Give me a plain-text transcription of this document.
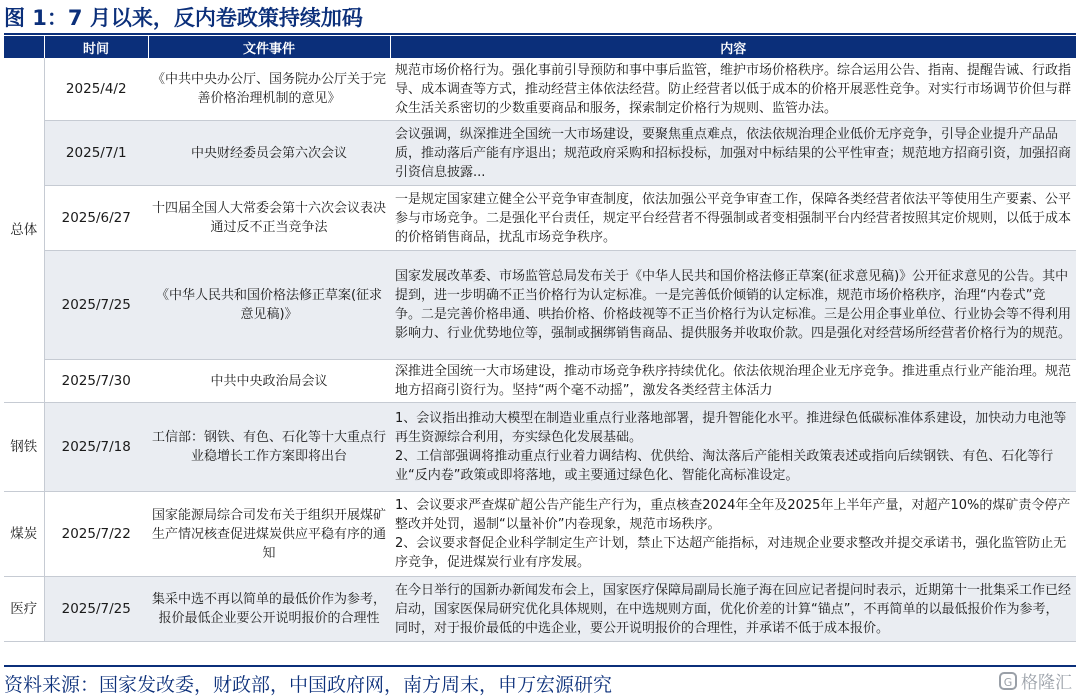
图 1：7 月以来，反内卷政策持续加码
	时间	文件事件	内容
总体	2025/4/2	《中共中央办公厅、国务院办公厅关于完善价格治理机制的意见》	规范市场价格行为。强化事前引导预防和事中事后监管，维护市场价格秩序。综合运用公告、指南、提醒告诫、行政指导、成本调查等方式，推动经营主体依法经营。防止经营者以低于成本的价格开展恶性竞争。对实行市场调节价但与群众生活关系密切的少数重要商品和服务，探索制定价格行为规则、监管办法。
	2025/7/1	中央财经委员会第六次会议	会议强调，纵深推进全国统一大市场建设，要聚焦重点难点，依法依规治理企业低价无序竞争，引导企业提升产品品质，推动落后产能有序退出；规范政府采购和招标投标，加强对中标结果的公平性审查；规范地方招商引资，加强招商引资信息披露...
	2025/6/27	十四届全国人大常委会第十六次会议表决通过反不正当竞争法	一是规定国家建立健全公平竞争审查制度，依法加强公平竞争审查工作，保障各类经营者依法平等使用生产要素、公平参与市场竞争。二是强化平台责任，规定平台经营者不得强制或者变相强制平台内经营者按照其定价规则，以低于成本的价格销售商品，扰乱市场竞争秩序。
	2025/7/25	《中华人民共和国价格法修正草案(征求意见稿)》	国家发展改革委、市场监管总局发布关于《中华人民共和国价格法修正草案(征求意见稿)》公开征求意见的公告。其中提到，进一步明确不正当价格行为认定标准。一是完善低价倾销的认定标准，规范市场价格秩序，治理“内卷式”竞争。二是完善价格串通、哄抬价格、价格歧视等不正当价格行为认定标准。三是公用企事业单位、行业协会等不得利用影响力、行业优势地位等，强制或捆绑销售商品、提供服务并收取价款。四是强化对经营场所经营者价格行为的规范。
	2025/7/30	中共中央政治局会议	深推进全国统一大市场建设，推动市场竞争秩序持续优化。依法依规治理企业无序竞争。推进重点行业产能治理。规范地方招商引资行为。坚持“两个毫不动摇”，激发各类经营主体活力
钢铁	2025/7/18	工信部：钢铁、有色、石化等十大重点行业稳增长工作方案即将出台	1、会议指出推动大模型在制造业重点行业落地部署，提升智能化水平。推进绿色低碳标准体系建设，加快动力电池等再生资源综合利用，夯实绿色化发展基础。
2、工信部强调将推动重点行业着力调结构、优供给、淘汰落后产能相关政策表述或指向后续钢铁、有色、石化等行业“反内卷”政策或即将落地，或主要通过绿色化、智能化高标准设定。

煤炭	2025/7/22	国家能源局综合司发布关于组织开展煤矿生产情况核查促进煤炭供应平稳有序的通知	1、会议要求严查煤矿超公告产能生产行为，重点核查2024年全年及2025年上半年产量，对超产10%的煤矿责令停产整改并处罚，遏制“以量补价”内卷现象，规范市场秩序。
2、会议要求督促企业科学制定生产计划，禁止下达超产能指标，对违规企业要求整改并提交承诺书，强化监管防止无序竞争，促进煤炭行业有序发展。

医疗	2025/7/25	集采中选不再以简单的最低价作为参考，报价最低企业要公开说明报价的合理性	在今日举行的国新办新闻发布会上，国家医疗保障局副局长施子海在回应记者提问时表示，近期第十一批集采工作已经启动，国家医保局研究优化具体规则，在中选规则方面，优化价差的计算“锚点”，不再简单的以最低报价作为参考，同时，对于报价最低的中选企业，要公开说明报价的合理性，并承诺不低于成本报价。
资料来源：国家发改委，财政部，中国政府网，南方周末，申万宏源研究	G 格隆汇
